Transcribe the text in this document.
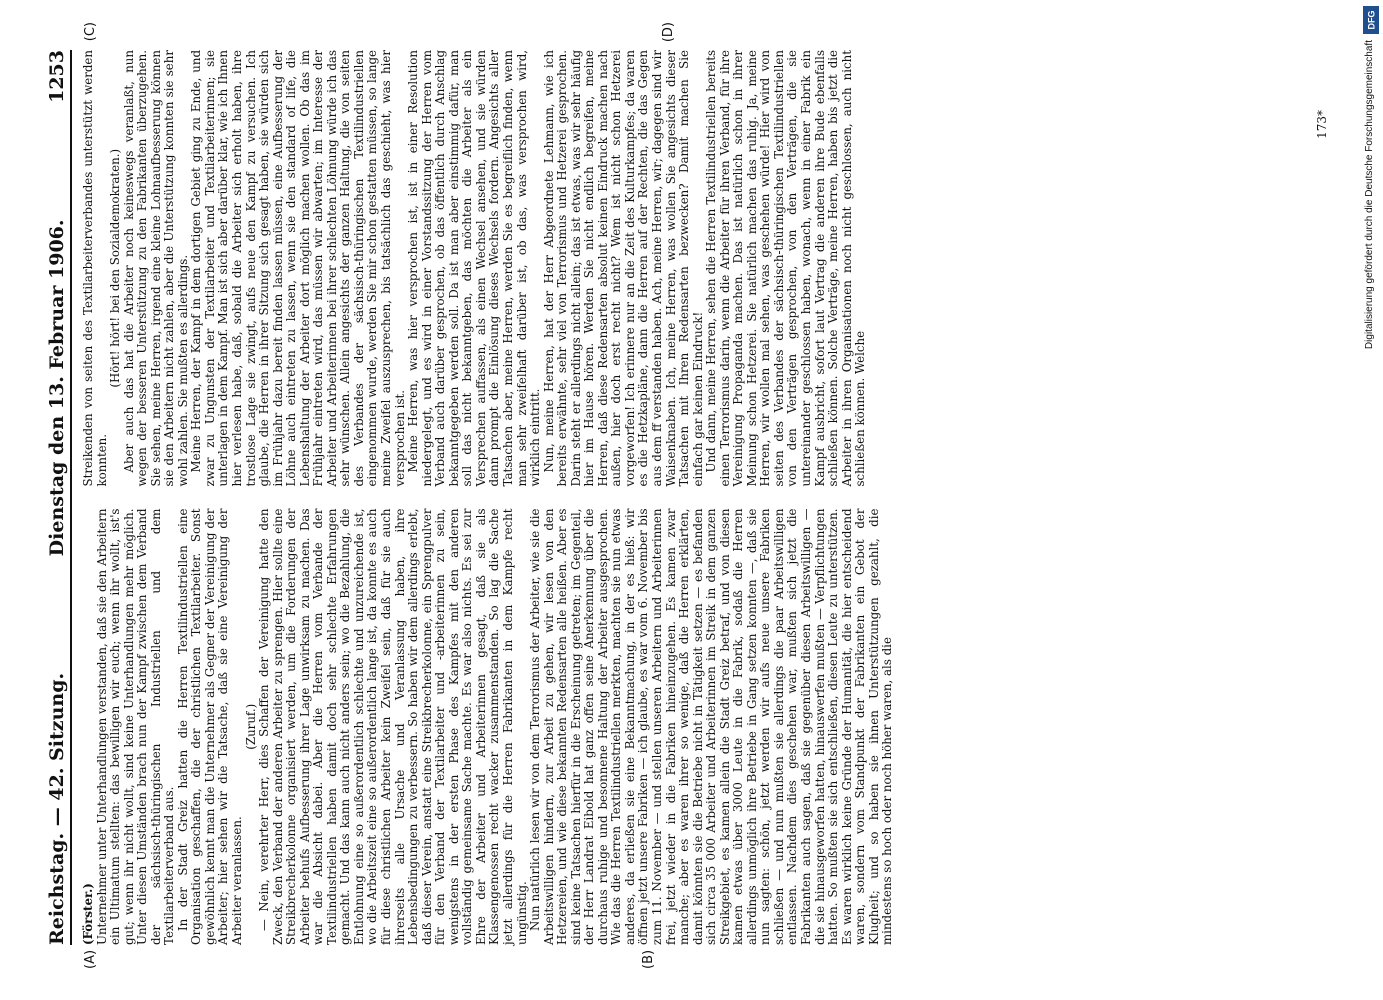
Reichstag. — 42. Sitzung.
Dienstag den 13. Februar 1906.
1253
(A)	(B)

(Förster.) Unternehmer unter Unterhandlungen verstanden, daß sie den Arbeitern ein Ultimatum stellten: das bewilligen wir euch; wenn ihr wollt, ist's gut; wenn ihr nicht wollt, sind keine Unterhandlungen mehr möglich. Unter diesen Umständen brach nun der Kampf zwischen dem Verband der sächsisch-thüringischen Industriellen und dem Textilarbeiterverband aus. In der Stadt Greiz hatten die Herren Textilindustriellen eine Organisation geschaffen, die der christlichen Textilarbeiter. Sonst gewöhnlich kennt man die Unternehmer als Gegner der Vereinigung der Arbeiter; hier sehen wir die Tatsache, daß sie eine Vereinigung der Arbeiter veranlassen.

(Zuruf.) — Nein, verehrter Herr, dies Schaffen der Vereinigung hatte den Zweck, den Verband der anderen Arbeiter zu sprengen. Hier sollte eine Streikbrecherkolonne organisiert werden, um die Forderungen der Arbeiter behufs Aufbesserung ihrer Lage unwirksam zu machen. Das war die Absicht dabei. Aber die Herren vom Verbande der Textilindustriellen haben damit doch sehr schlechte Erfahrungen gemacht. Und das kann auch nicht anders sein; wo die Bezahlung, die Entlohnung eine so außerordentlich schlechte und unzureichende ist, wo die Arbeitszeit eine so außerordentlich lange ist, da konnte es auch für diese christlichen Arbeiter kein Zweifel sein, daß für sie auch ihrerseits alle Ursache und Veranlassung haben, ihre Lebensbedingungen zu verbessern. So haben wir dem allerdings erlebt, daß dieser Verein, anstatt eine Streikbrecherkolonne, ein Sprengpulver für den Verband der Textilarbeiter und -arbeiterinnen zu sein, wenigstens in der ersten Phase des Kampfes mit den anderen vollständig gemeinsame Sache machte. Es war also nichts. Es sei zur Ehre der Arbeiter und Arbeiterinnen gesagt, daß sie als Klassengenossen recht wacker zusammenstanden. So lag die Sache jetzt allerdings für die Herren Fabrikanten in dem Kampfe recht ungünstig. Nun natürlich lesen wir von dem Terrorismus der Arbeiter, wie sie die Arbeitswilligen hindern, zur Arbeit zu gehen, wir lesen von den Hetzereien, und wie diese bekannten Redensarten alle heißen. Aber es sind keine Tatsachen hierfür in die Erscheinung getreten; im Gegenteil, der Herr Landrat Eibold hat ganz offen seine Anerkennung über die durchaus ruhige und besonnene Haltung der Arbeiter ausgesprochen. Wie das die Herren Textilindustriellen merkten, machten sie nun etwas anderes, da erließen sie eine Bekanntmachung, in der es hieß: wir öffnen jetzt unsere Fabriken — ich glaube, es war vom 6. November bis zum 11. November — und stellen unseren Arbeitern und Arbeiterinnen frei, jetzt wieder in die Fabriken hineinzugehen. Es kamen zwar manche; aber es waren ihrer so wenige, daß die Herren erklärten, damit könnten sie die Betriebe nicht in Tätigkeit setzen — es befanden sich circa 35 000 Arbeiter und Arbeiterinnen im Streik in dem ganzen Streikgebiet, es kamen allein die Stadt Greiz betraf, und von diesen kamen etwas über 3000 Leute in die Fabrik, sodaß die Herren allerdings unmöglich ihre Betriebe in Gang setzen konnten —, daß sie nun sagten: schön, jetzt werden wir aufs neue unsere Fabriken schließen — und nun mußten sie allerdings die paar Arbeitswilligen entlassen. Nachdem dies geschehen war, mußten sich jetzt die Fabrikanten auch sagen, daß sie gegenüber diesen Arbeitswilligen — die sie hinausgeworfen hatten, hinauswerfen mußten — Verpflichtungen hatten. So mußten sie sich entschließen, diesen Leute zu unterstützen. Es waren wirklich keine Gründe der Humanität, die hier entscheidend waren, sondern vom Standpunkt der Fabrikanten ein Gebot der Klugheit; und so haben sie ihnen Unterstützungen gezahlt, die mindestens so hoch oder noch höher waren, als die

(C)	(D)
173*

Streikenden von seiten des Textilarbeiterverbandes unterstützt werden konnten.

(Hört! hört! bei den Sozialdemokraten.) Aber auch das hat die Arbeiter noch keineswegs veranlaßt, nun wegen der besseren Unterstützung zu den Fabrikanten überzugehen. Sie sehen, meine Herren, irgend eine kleine Lohnaufbesserung können sie den Arbeitern nicht zahlen, aber die Unterstützung konnten sie sehr wohl zahlen. Sie mußten es allerdings. Meine Herren, der Kampf in dem dortigen Gebiet ging zu Ende, und zwar zu Ungunsten der Textilarbeiter und Textilarbeiterinnen; sie unterlagen in dem Kampf. Man ist sich aber darüber klar, wie ich Ihnen hier verlesen habe, daß, sobald die Arbeiter sich erholt haben, ihre trostlose Lage sie zwingt, aufs neue den Kampf zu versuchen. Ich glaube, die Herren in ihrer Sitzung sich gesagt haben, sie würden sich im Frühjahr dazu bereit finden lassen müssen, eine Aufbesserung der Löhne auch eintreten zu lassen, wenn sie den standard of life, die Lebenshaltung der Arbeiter dort möglich machen wollen. Ob das im Frühjahr eintreten wird, das müssen wir abwarten; im Interesse der Arbeiter und Arbeiterinnen bei ihrer schlechten Löhnung würde ich das sehr wünschen. Allein angesichts der ganzen Haltung, die von seiten des Verbandes der sächsisch-thüringischen Textilindustriellen eingenommen wurde, werden Sie mir schon gestatten müssen, so lange meine Zweifel auszusprechen, bis tatsächlich das geschieht, was hier versprochen ist. Meine Herren, was hier versprochen ist, ist in einer Resolution niedergelegt, und es wird in einer Vorstandssitzung der Herren vom Verband auch darüber gesprochen, ob das öffentlich durch Anschlag bekanntgegeben werden soll. Da ist man aber einstimmig dafür, man soll das nicht bekanntgeben, das möchten die Arbeiter als ein Versprechen auffassen, als einen Wechsel ansehen, und sie würden dann prompt die Einlösung dieses Wechsels fordern. Angesichts aller Tatsachen aber, meine Herren, werden Sie es begreiflich finden, wenn man sehr zweifelhaft darüber ist, ob das, was versprochen wird, wirklich eintritt. Nun, meine Herren, hat der Herr Abgeordnete Lehmann, wie ich bereits erwähnte, sehr viel von Terrorismus und Hetzerei gesprochen. Darin steht er allerdings nicht allein; das ist etwas, was wir sehr häufig hier im Hause hören. Werden Sie nicht endlich begreifen, meine Herren, daß diese Redensarten absolut keinen Eindruck machen nach außen, hier doch erst recht nicht? Wem ist nicht schon Hetzerei vorgeworfen! Ich erinnere nur an die Zeit des Kulturkampfes; da waren es die Hetzkapläne, dann die Herren auf der Rechten, die das Gegen aus dem ff verstanden haben. Ach, meine Herren, wir; dagegen sind wir Waisenknaben. Ich, meine Herren, was wollen Sie angesichts dieser Tatsachen mit Ihren Redensarten bezwecken? Damit machen Sie einfach gar keinen Eindruck! Und dann, meine Herren, sehen die Herren Textilindustriellen bereits einen Terrorismus darin, wenn die Arbeiter für ihren Verband, für ihre Vereinigung Propaganda machen. Das ist natürlich schon in ihrer Meinung schon Hetzerei. Sie natürlich machen das ruhig. Ja, meine Herren, wir wollen mal sehen, was geschehen würde! Hier wird von seiten des Verbandes der sächsisch-thüringischen Textilindustriellen von den Verträgen gesprochen, von den Verträgen, die sie untereinander geschlossen haben, wonach, wenn in einer Fabrik ein Kampf ausbricht, sofort laut Vertrag die anderen ihre Bude ebenfalls schließen können. Solche Verträge, meine Herren, haben bis jetzt die Arbeiter in ihren Organisationen noch nicht geschlossen, auch nicht schließen können. Welche

DFG
Digitalisierung gefördert durch die Deutsche Forschungsgemeinschaft
